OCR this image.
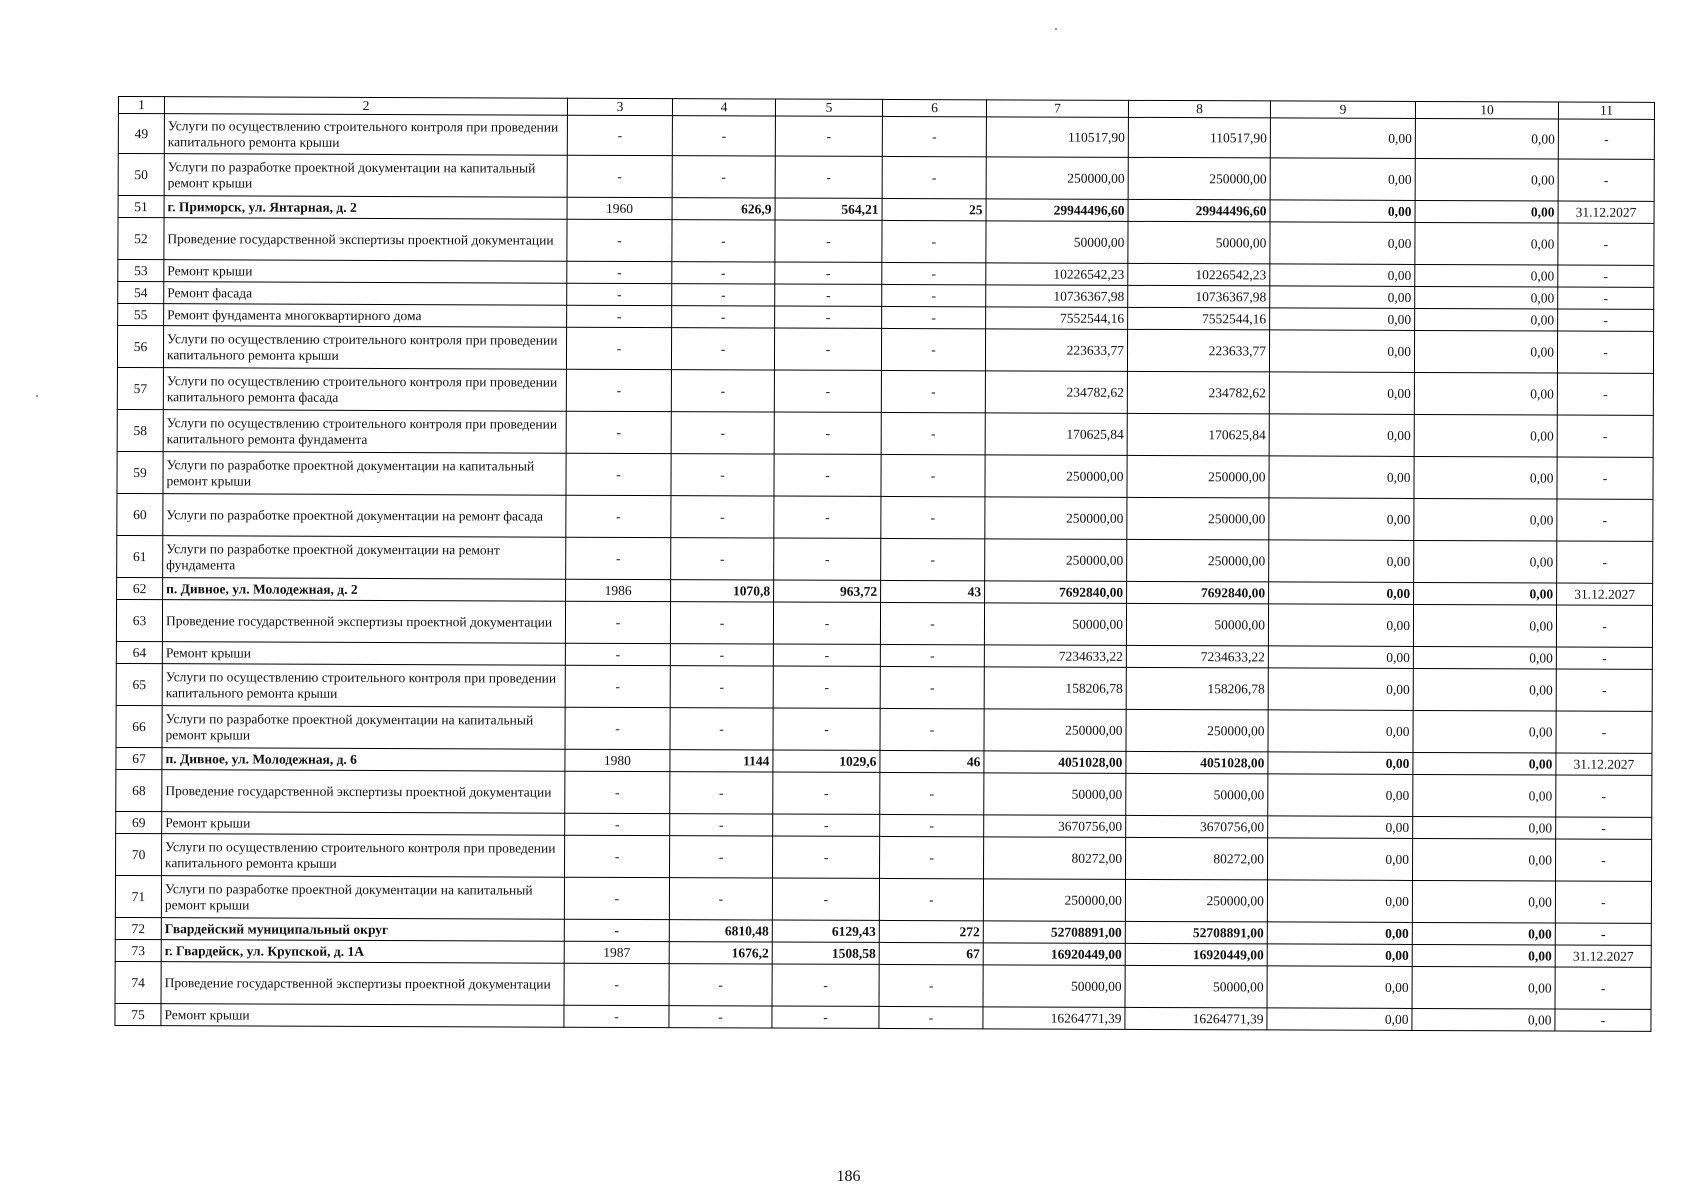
1	2	3	4	5	6	7	8	9	10	11
49	Услуги по осуществлению строительного контроля при проведении капитального ремонта крыши	-	-	-	-	110517,90	110517,90	0,00	0,00	-
50	Услуги по разработке проектной документации на капитальный ремонт крыши	-	-	-	-	250000,00	250000,00	0,00	0,00	-
51	г. Приморск, ул. Янтарная, д. 2	1960	626,9	564,21	25	29944496,60	29944496,60	0,00	0,00	31.12.2027
52	Проведение государственной экспертизы проектной документации	-	-	-	-	50000,00	50000,00	0,00	0,00	-
53	Ремонт крыши	-	-	-	-	10226542,23	10226542,23	0,00	0,00	-
54	Ремонт фасада	-	-	-	-	10736367,98	10736367,98	0,00	0,00	-
55	Ремонт фундамента многоквартирного дома	-	-	-	-	7552544,16	7552544,16	0,00	0,00	-
56	Услуги по осуществлению строительного контроля при проведении капитального ремонта крыши	-	-	-	-	223633,77	223633,77	0,00	0,00	-
57	Услуги по осуществлению строительного контроля при проведении капитального ремонта фасада	-	-	-	-	234782,62	234782,62	0,00	0,00	-
58	Услуги по осуществлению строительного контроля при проведении капитального ремонта фундамента	-	-	-	-	170625,84	170625,84	0,00	0,00	-
59	Услуги по разработке проектной документации на капитальный ремонт крыши	-	-	-	-	250000,00	250000,00	0,00	0,00	-
60	Услуги по разработке проектной документации на ремонт фасада	-	-	-	-	250000,00	250000,00	0,00	0,00	-
61	Услуги по разработке проектной документации на ремонт фундамента	-	-	-	-	250000,00	250000,00	0,00	0,00	-
62	п. Дивное, ул. Молодежная, д. 2	1986	1070,8	963,72	43	7692840,00	7692840,00	0,00	0,00	31.12.2027
63	Проведение государственной экспертизы проектной документации	-	-	-	-	50000,00	50000,00	0,00	0,00	-
64	Ремонт крыши	-	-	-	-	7234633,22	7234633,22	0,00	0,00	-
65	Услуги по осуществлению строительного контроля при проведении капитального ремонта крыши	-	-	-	-	158206,78	158206,78	0,00	0,00	-
66	Услуги по разработке проектной документации на капитальный ремонт крыши	-	-	-	-	250000,00	250000,00	0,00	0,00	-
67	п. Дивное, ул. Молодежная, д. 6	1980	1144	1029,6	46	4051028,00	4051028,00	0,00	0,00	31.12.2027
68	Проведение государственной экспертизы проектной документации	-	-	-	-	50000,00	50000,00	0,00	0,00	-
69	Ремонт крыши	-	-	-	-	3670756,00	3670756,00	0,00	0,00	-
70	Услуги по осуществлению строительного контроля при проведении капитального ремонта крыши	-	-	-	-	80272,00	80272,00	0,00	0,00	-
71	Услуги по разработке проектной документации на капитальный ремонт крыши	-	-	-	-	250000,00	250000,00	0,00	0,00	-
72	Гвардейский муниципальный округ	-	6810,48	6129,43	272	52708891,00	52708891,00	0,00	0,00	-
73	г. Гвардейск, ул. Крупской, д. 1А	1987	1676,2	1508,58	67	16920449,00	16920449,00	0,00	0,00	31.12.2027
74	Проведение государственной экспертизы проектной документации	-	-	-	-	50000,00	50000,00	0,00	0,00	-
75	Ремонт крыши	-	-	-	-	16264771,39	16264771,39	0,00	0,00	-
186
